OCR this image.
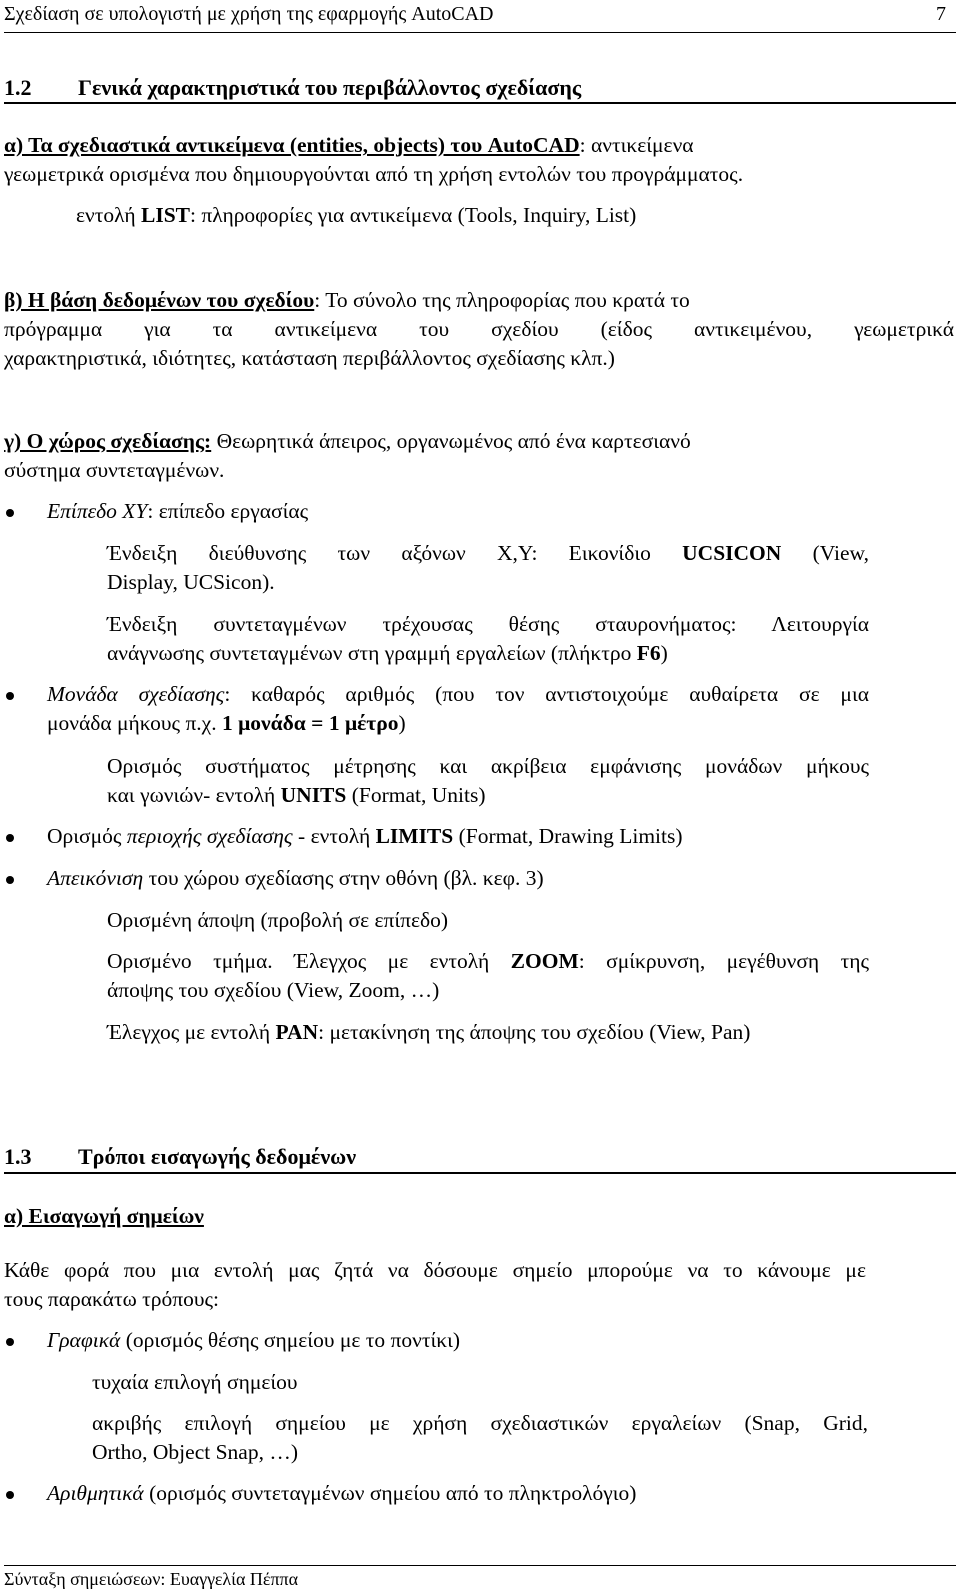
Σχεδίαση σε υπολογιστή με χρήση της εφαρμογής AutoCAD	7
1.2 Γενικά χαρακτηριστικά του περιβάλλοντος σχεδίασης
α) Τα σχεδιαστικά αντικείμενα (entities, objects) του AutoCAD: αντικείμενα
γεωμετρικά ορισμένα που δημιουργούνται από τη χρήση εντολών του προγράμματος.
εντολή LIST: πληροφορίες για αντικείμενα (Tools, Inquiry, List)
β) Η βάση δεδομένων του σχεδίου: Το σύνολο της πληροφορίας που κρατά το
πρόγραμμα για τα αντικείμενα του σχεδίου (είδος αντικειμένου, γεωμετρικά
χαρακτηριστικά, ιδιότητες, κατάσταση περιβάλλοντος σχεδίασης κλπ.)
γ) Ο χώρος σχεδίασης: Θεωρητικά άπειρος, οργανωμένος από ένα καρτεσιανό
σύστημα συντεταγμένων.
Επίπεδο XY: επίπεδο εργασίας
Ένδειξη διεύθυνσης των αξόνων X,Y: Εικονίδιο UCSICON (View,
Display, UCSicon).
Ένδειξη συντεταγμένων τρέχουσας θέσης σταυρονήματος: Λειτουργία
ανάγνωσης συντεταγμένων στη γραμμή εργαλείων (πλήκτρο F6)
Μονάδα σχεδίασης: καθαρός αριθμός (που τον αντιστοιχούμε αυθαίρετα σε μια
μονάδα μήκους π.χ. 1 μονάδα = 1 μέτρο)
Ορισμός συστήματος μέτρησης και ακρίβεια εμφάνισης μονάδων μήκους
και γωνιών- εντολή UNITS (Format, Units)
Ορισμός περιοχής σχεδίασης - εντολή LIMITS (Format, Drawing Limits)
Απεικόνιση του χώρου σχεδίασης στην οθόνη (βλ. κεφ. 3)
Ορισμένη άποψη (προβολή σε επίπεδο)
Ορισμένο τμήμα. Έλεγχος με εντολή ZOOM: σμίκρυνση, μεγέθυνση της
άποψης του σχεδίου (View, Zoom, …)
Έλεγχος με εντολή PAN: μετακίνηση της άποψης του σχεδίου (View, Pan)
1.3 Τρόποι εισαγωγής δεδομένων
α) Εισαγωγή σημείων
Κάθε φορά που μια εντολή μας ζητά να δόσουμε σημείο μπορούμε να το κάνουμε με
τους παρακάτω τρόπους:
Γραφικά (ορισμός θέσης σημείου με το ποντίκι)
τυχαία επιλογή σημείου
ακριβής επιλογή σημείου με χρήση σχεδιαστικών εργαλείων (Snap, Grid,
Ortho, Object Snap, …)
Αριθμητικά (ορισμός συντεταγμένων σημείου από το πληκτρολόγιο)
Σύνταξη σημειώσεων: Ευαγγελία Πέππα
